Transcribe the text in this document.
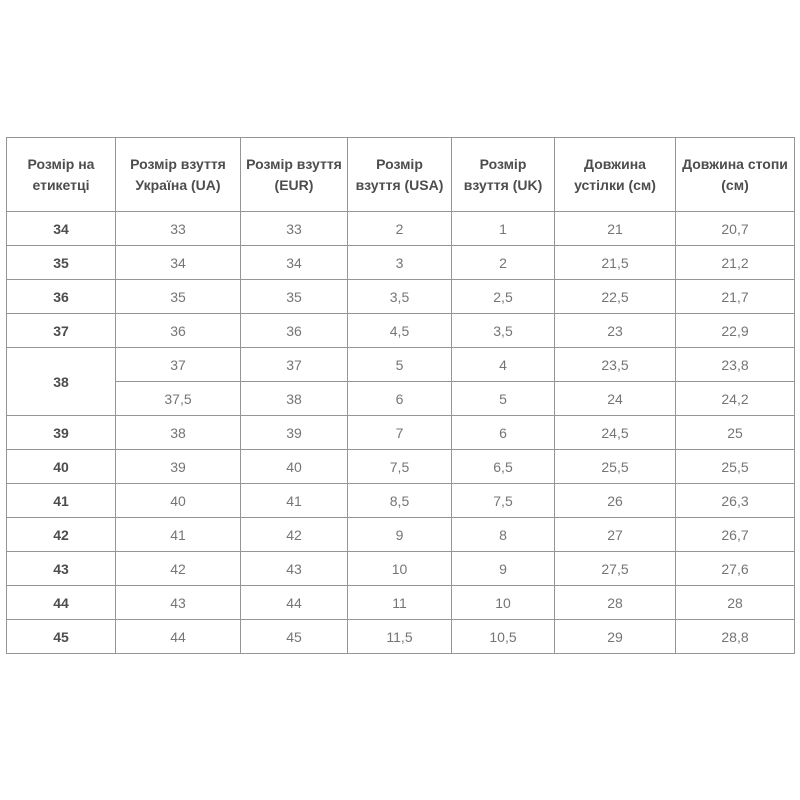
Розмір на етикетці	Розмір взуття Україна (UA)	Розмір взуття (EUR)	Розмір взуття (USA)	Розмір взуття (UK)	Довжина устілки (см)	Довжина стопи (см)
34	33	33	2	1	21	20,7
35	34	34	3	2	21,5	21,2
36	35	35	3,5	2,5	22,5	21,7
37	36	36	4,5	3,5	23	22,9
38	37	37	5	4	23,5	23,8
	37,5	38	6	5	24	24,2
39	38	39	7	6	24,5	25
40	39	40	7,5	6,5	25,5	25,5
41	40	41	8,5	7,5	26	26,3
42	41	42	9	8	27	26,7
43	42	43	10	9	27,5	27,6
44	43	44	11	10	28	28
45	44	45	11,5	10,5	29	28,8
